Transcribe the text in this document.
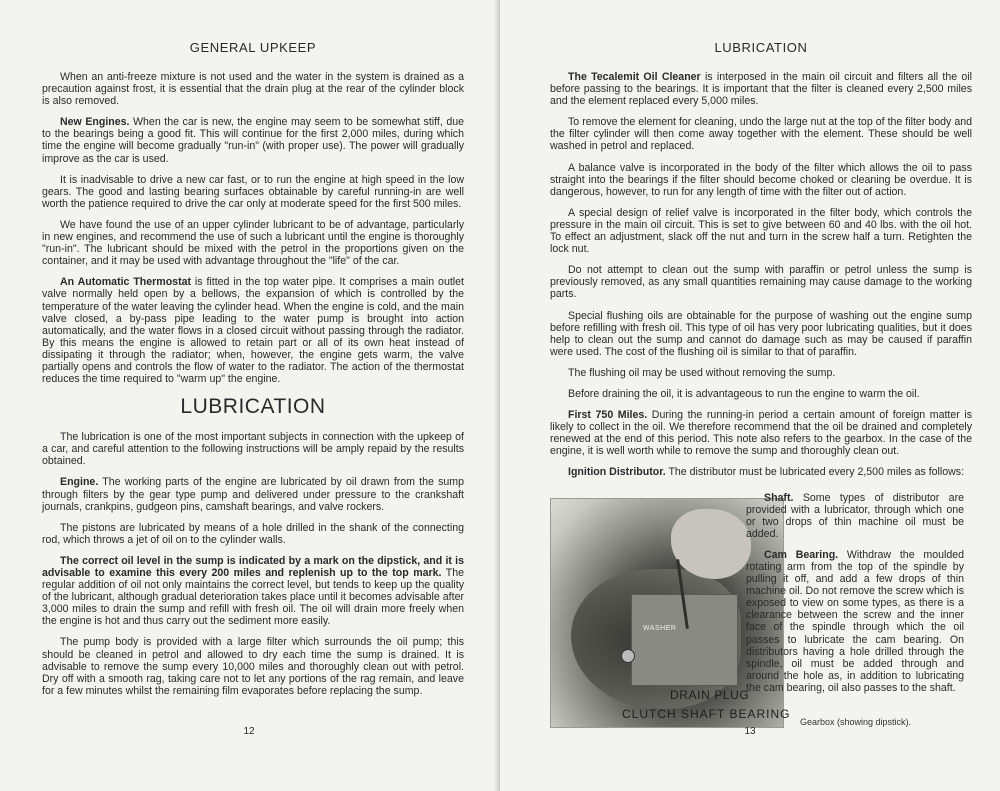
GENERAL UPKEEP

When an anti-freeze mixture is not used and the water in the system is drained as a precaution against frost, it is essential that the drain plug at the rear of the cylinder block is also removed.

New Engines. When the car is new, the engine may seem to be somewhat stiff, due to the bearings being a good fit. This will continue for the first 2,000 miles, during which time the engine will become gradually "run-in" (with proper use). The power will gradually improve as the car is used.

It is inadvisable to drive a new car fast, or to run the engine at high speed in the low gears. The good and lasting bearing surfaces obtainable by careful running-in are well worth the patience required to drive the car only at moderate speed for the first 500 miles.

We have found the use of an upper cylinder lubricant to be of advantage, particularly in new engines, and recommend the use of such a lubricant until the engine is thoroughly "run-in". The lubricant should be mixed with the petrol in the proportions given on the container, and it may be used with advantage throughout the "life" of the car.

An Automatic Thermostat is fitted in the top water pipe. It comprises a main outlet valve normally held open by a bellows, the expansion of which is controlled by the temperature of the water leaving the cylinder head. When the engine is cold, and the main valve closed, a by-pass pipe leading to the water pump is brought into action automatically, and the water flows in a closed circuit without passing through the radiator. By this means the engine is allowed to retain part or all of its own heat instead of dissipating it through the radiator; when, however, the engine gets warm, the valve partially opens and controls the flow of water to the radiator. The action of the thermostat reduces the time required to "warm up" the engine.

LUBRICATION

The lubrication is one of the most important subjects in connection with the upkeep of a car, and careful attention to the following instructions will be amply repaid by the results obtained.

Engine. The working parts of the engine are lubricated by oil drawn from the sump through filters by the gear type pump and delivered under pressure to the crankshaft journals, crankpins, gudgeon pins, camshaft bearings, and valve rockers.

The pistons are lubricated by means of a hole drilled in the shank of the connecting rod, which throws a jet of oil on to the cylinder walls.

The correct oil level in the sump is indicated by a mark on the dipstick, and it is advisable to examine this every 200 miles and replenish up to the top mark. The regular addition of oil not only maintains the correct level, but tends to keep up the quality of the lubricant, although gradual deterioration takes place until it becomes advisable after 3,000 miles to drain the sump and refill with fresh oil. The oil will drain more freely when the engine is hot and thus carry out the sediment more easily.

The pump body is provided with a large filter which surrounds the oil pump; this should be cleaned in petrol and allowed to dry each time the sump is drained. It is advisable to remove the sump every 10,000 miles and thoroughly clean out with petrol. Dry off with a smooth rag, taking care not to let any portions of the rag remain, and leave for a few minutes whilst the remaining film evaporates before replacing the sump.

12
LUBRICATION

The Tecalemit Oil Cleaner is interposed in the main oil circuit and filters all the oil before passing to the bearings. It is important that the filter is cleaned every 2,500 miles and the element replaced every 5,000 miles.

To remove the element for cleaning, undo the large nut at the top of the filter body and the filter cylinder will then come away together with the element. These should be well washed in petrol and replaced.

A balance valve is incorporated in the body of the filter which allows the oil to pass straight into the bearings if the filter should become choked or cleaning be overdue. It is dangerous, however, to run for any length of time with the filter out of action.

A special design of relief valve is incorporated in the filter body, which controls the pressure in the main oil circuit. This is set to give between 60 and 40 lbs. with the oil hot. To effect an adjustment, slack off the nut and turn in the screw half a turn. Retighten the lock nut.

Do not attempt to clean out the sump with paraffin or petrol unless the sump is previously removed, as any small quantities remaining may cause damage to the working parts.

Special flushing oils are obtainable for the purpose of washing out the engine sump before refilling with fresh oil. This type of oil has very poor lubricating qualities, but it does help to clean out the sump and cannot do damage such as may be caused if paraffin were used. The cost of the flushing oil is similar to that of paraffin.

The flushing oil may be used without removing the sump.

Before draining the oil, it is advantageous to run the engine to warm the oil.

First 750 Miles. During the running-in period a certain amount of foreign matter is likely to collect in the oil. We therefore recommend that the oil be drained and completely renewed at the end of this period. This note also refers to the gearbox. In the case of the engine, it is well worth while to remove the sump and thoroughly clean out.

Ignition Distributor. The distributor must be lubricated every 2,500 miles as follows:

WASHER
DRAIN PLUG
CLUTCH SHAFT BEARING
Gearbox (showing dipstick).

Shaft. Some types of distributor are provided with a lubricator, through which one or two drops of thin machine oil must be added.

Cam Bearing. Withdraw the moulded rotating arm from the top of the spindle by pulling it off, and add a few drops of thin machine oil. Do not remove the screw which is exposed to view on some types, as there is a clearance between the screw and the inner face of the spindle through which the oil passes to lubricate the cam bearing. On distributors having a hole drilled through the spindle, oil must be added through and around the hole as, in addition to lubricating the cam bearing, oil also passes to the shaft.

13
